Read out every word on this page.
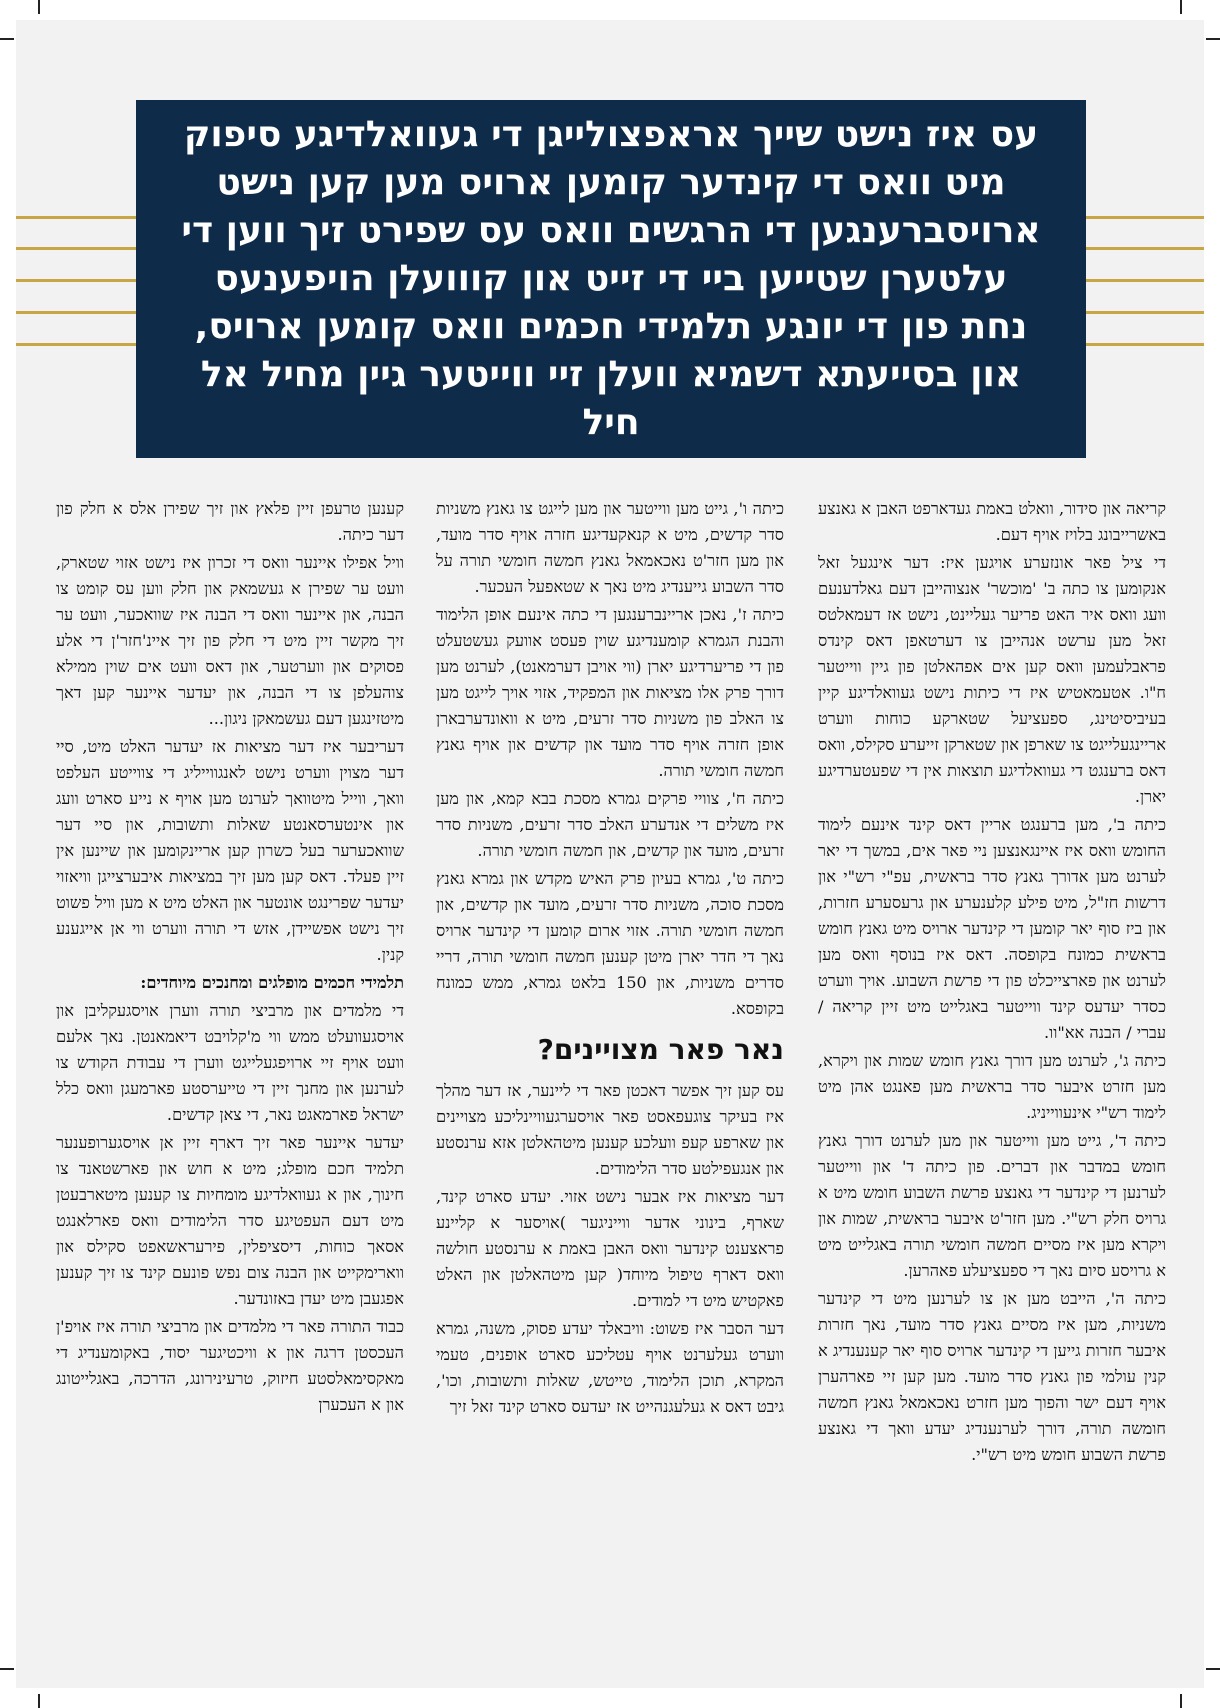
עס איז נישט שייך אראפצולייגן די געוואלדיגע סיפוק מיט וואס די קינדער קומען ארויס מען קען נישט ארויסברענגען די הרגשים וואס עס שפירט זיך ווען די עלטערן שטייען ביי די זייט און קווועלן הויפענעס נחת פון די יונגע תלמידי חכמים וואס קומען ארויס, און בסייעתא דשמיא וועלן זיי ווייטער גיין מחיל אל חיל

קריאה און סידור, וואלט באמת געדארפט האבן א גאנצע באשרייבונג בלויז אויף דעם.

די ציל פאר אונזערע אויגען איז: דער אינגעל זאל אנקומען צו כתה ב' 'מוכשר' אנצוהייבן דעם גאלדענעם וועג וואס איר האט פריער געליינט, נישט אז דעמאלטס זאל מען ערשט אנהייבן צו דערטאפן דאס קינדס פראבלעמען וואס קען אים אפהאלטן פון גיין ווייטער ח"ו. אטעמאטיש איז די כיתות נישט געוואלדיגע קיין בעיביסיטינג, ספעציעל שטארקע כוחות ווערט אריינגעלייגט צו שארפן און שטארקן זייערע סקילס, וואס דאס ברענגט די געוואלדיגע תוצאות אין די שפעטערדיגע יארן.

כיתה ב', מען ברענגט אריין דאס קינד אינעם לימוד החומש וואס איז איינגאנצען ניי פאר אים, במשך די יאר לערנט מען אדורך גאנץ סדר בראשית, עפ"י רש"י און דרשות חז"ל, מיט פילע קלענערע און גרעסערע חזרות, און ביז סוף יאר קומען די קינדער ארויס מיט גאנץ חומש בראשית כמונח בקופסה. דאס איז בנוסף וואס מען לערנט און פארצייכלט פון די פרשת השבוע. אויך ווערט כסדר יעדעס קינד ווייטער באגלייט מיט זיין קריאה / עברי / הבנה אא"וו.

כיתה ג', לערנט מען דורך גאנץ חומש שמות און ויקרא, מען חזרט איבער סדר בראשית מען פאנגט אהן מיט לימוד רש"י אינעווייניג.

כיתה ד', גייט מען ווייטער און מען לערנט דורך גאנץ חומש במדבר און דברים. פון כיתה ד' און ווייטער לערנען די קינדער די גאנצע פרשת השבוע חומש מיט א גרויס חלק רש"י. מען חזר'ט איבער בראשית, שמות און ויקרא מען איז מסיים חמשה חומשי תורה באגלייט מיט א גרויסע סיום נאך די ספעציעלע פאהרען.

כיתה ה', הייבט מען אן צו לערנען מיט די קינדער משניות, מען איז מסיים גאנץ סדר מועד, נאך חזרות איבער חזרות גייען די קינדער ארויס סוף יאר קענענדיג א קנין עולמי פון גאנץ סדר מועד. מען קען זיי פארהערן אויף דעם ישר והפוך מען חזרט נאכאמאל גאנץ חמשה חומשה תורה, דורך לערנענדיג יעדע וואך די גאנצע פרשת השבוע חומש מיט רש"י.

כיתה ו', גייט מען ווייטער און מען לייגט צו גאנץ משניות סדר קדשים, מיט א קנאקעדיגע חזרה אויף סדר מועד, און מען חזר'ט נאכאמאל גאנץ חמשה חומשי תורה על סדר השבוע גייענדיג מיט נאך א שטאפעל העכער.

כיתה ז', נאכן אריינברענגען די כתה אינעם אופן הלימוד והבנת הגמרא קומענדיגע שוין פעסט אוועק געשטעלט פון די פריערדיגע יארן (ווי אויבן דערמאנט), לערנט מען דורך פרק אלו מציאות און המפקיד, אזוי אויך לייגט מען צו האלב פון משניות סדר זרעים, מיט א וואונדערבארן אופן חזרה אויף סדר מועד און קדשים און אויף גאנץ חמשה חומשי תורה.

כיתה ח', צוויי פרקים גמרא מסכת בבא קמא, און מען איז משלים די אנדערע האלב סדר זרעים, משניות סדר זרעים, מועד און קדשים, און חמשה חומשי תורה.

כיתה ט', גמרא בעיון פרק האיש מקדש און גמרא גאנץ מסכת סוכה, משניות סדר זרעים, מועד און קדשים, און חמשה חומשי תורה. אזוי ארום קומען די קינדער ארויס נאך די חדר יארן מיטן קענען חמשה חומשי תורה, דריי סדרים משניות, און 150 בלאט גמרא, ממש כמונח בקופסא.

נאר פאר מצויינים?

עס קען זיך אפשר דאכטן פאר די ליינער, אז דער מהלך איז בעיקר צוגעפאסט פאר אויסערגעוויינליכע מצויינים און שארפע קעפ וועלכע קענען מיטהאלטן אזא ערנסטע און אנגעפילטע סדר הלימודים.

דער מציאות איז אבער נישט אזוי. יעדע סארט קינד, שארף, בינוני אדער ווייניגער )אויסער א קליינע פראצענט קינדער וואס האבן באמת א ערנסטע חולשה וואס דארף טיפול מיוחד( קען מיטהאלטן און האלט פאקטיש מיט די למודים.

דער הסבר איז פשוט: וויבאלד יעדע פסוק, משנה, גמרא ווערט געלערנט אויף עטליכע סארט אופנים, טעמי המקרא, תוכן הלימוד, טייטש, שאלות ותשובות, וכו', גיבט דאס א געלעגנהייט אז יעדעס סארט קינד זאל זיך

קענען טרעפן זיין פלאץ און זיך שפירן אלס א חלק פון דער כיתה.

וויל אפילו איינער וואס די זכרון איז נישט אזוי שטארק, וועט ער שפירן א געשמאק און חלק ווען עס קומט צו הבנה, און איינער וואס די הבנה איז שוואכער, וועט ער זיך מקשר זיין מיט די חלק פון זיך איינ'חזר'ן די אלע פסוקים און ווערטער, און דאס וועט אים שוין ממילא צוהעלפן צו די הבנה, און יעדער איינער קען דאך מיטזינגען דעם געשמאקן ניגון...

דעריבער איז דער מציאות אז יעדער האלט מיט, סיי דער מצוין ווערט נישט לאנגווייליג די צווייטע העלפט וואך, ווייל מיטוואך לערנט מען אויף א נייע סארט וועג און אינטערסאנטע שאלות ותשובות, און סיי דער שוואכערער בעל כשרון קען אריינקומען און שיינען אין זיין פעלד. דאס קען מען זיך במציאות איבערצייגן וויאזוי יעדער שפרינגט אונטער און האלט מיט א מען וויל פשוט זיך נישט אפשיידן, אזש די תורה ווערט ווי אן אייגענע קנין.

תלמידי חכמים מופלגים ומחנכים מיוחדים:

די מלמדים און מרביצי תורה ווערן אויסגעקליבן און אויסגעוועלט ממש ווי מ'קלויבט דיאמאנטן. נאך אלעם וועט אויף זיי ארויפגעלייגט ווערן די עבודת הקודש צו לערנען און מחנך זיין די טייערסטע פארמעגן וואס כלל ישראל פארמאגט נאר, די צאן קדשים.

יעדער איינער פאר זיך דארף זיין אן אויסגערופענער תלמיד חכם מופלג; מיט א חוש און פארשטאנד צו חינוך, און א געוואלדיגע מומחיות צו קענען מיטארבעטן מיט דעם העפטיגע סדר הלימודים וואס פארלאנגט אסאך כוחות, דיסציפלין, פירעראשאפט סקילס און ווארימקייט און הבנה צום נפש פונעם קינד צו זיך קענען אפגעבן מיט יעדן באזונדער.

כבוד התורה פאר די מלמדים און מרביצי תורה איז אויפ'ן העכסטן דרגה און א וויכטיגער יסוד, באקומענדיג די מאקסימאלסטע חיזוק, טרעינירונג, הדרכה, באגלייטונג און א העכערן
